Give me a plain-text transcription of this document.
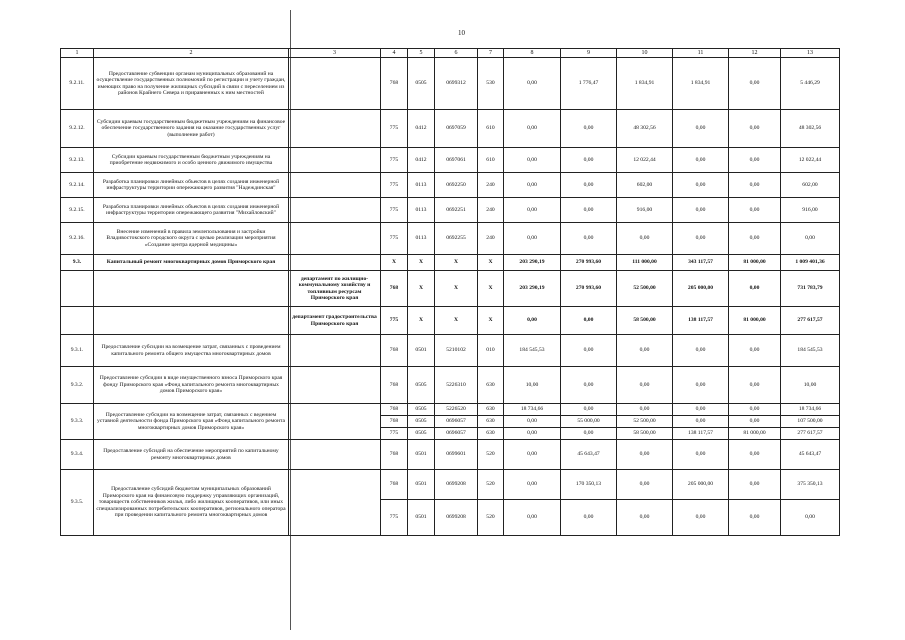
10
1	2	3	4	5	6	7	8	9	10	11	12	13
9.2.11.	Предоставление субвенции органам муниципальных образований на осуществление государственных полномочий по регистрации и учету граждан, имеющих право на получение жилищных субсидий в связи с переселением из районов Крайнего Севера и приравненных к ним местностей		768	0505	0699312	530	0,00	1 776,47	1 834,91	1 834,91	0,00	5 446,29
9.2.12.	Субсидии краевым государственным бюджетным учреждениям на финансовое обеспечение государственного задания на оказание государственных услуг (выполнение работ)		775	0412	0697059	610	0,00	0,00	48 302,56	0,00	0,00	48 302,56
9.2.13.	Субсидии краевым государственным бюджетным учреждениям на приобретение недвижимого и особо ценного движимого имущества		775	0412	0697061	610	0,00	0,00	12 022,44	0,00	0,00	12 022,44
9.2.14.	Разработка планировки линейных объектов в целях создания инженерной инфраструктуры территории опережающего развития "Надеждинская"		775	0113	0692250	240	0,00	0,00	602,00	0,00	0,00	602,00
9.2.15.	Разработка планировки линейных объектов в целях создания инженерной инфраструктуры территории опережающего развития "Михайловский"		775	0113	0692251	240	0,00	0,00	916,00	0,00	0,00	916,00
9.2.16.	Внесение изменений в правила землепользования и застройки Владивостокского городского округа с целью реализации мероприятия «Создание центра ядерной медицины»		775	0113	0692255	240	0,00	0,00	0,00	0,00	0,00	0,00
9.3.	Капитальный ремонт многоквартирных домов Приморского края		X	X	X	X	203 290,19	270 993,60	111 000,00	343 117,57	81 000,00	1 009 401,36
		департамент по жилищно-коммунальному хозяйству и топливным ресурсам Приморского края	768	X	X	X	203 290,19	270 993,60	52 500,00	205 000,00	0,00	731 783,79
		департамент градостроительства Приморского края	775	X	X	X	0,00	0,00	58 500,00	138 117,57	81 000,00	277 617,57
9.3.1.	Предоставление субсидии на возмещение затрат, связанных с проведением капитального ремонта общего имущества многоквартирных домов		768	0501	5210102	010	184 545,53	0,00	0,00	0,00	0,00	184 545,53
9.3.2.	Предоставление субсидии в виде имущественного взноса Приморского края фонду Приморского края «Фонд капитального ремонта многоквартирных домов Приморского края»		768	0505	5226310	630	10,00	0,00	0,00	0,00	0,00	10,00
9.3.3.	Предоставление субсидии на возмещение затрат, связанных с ведением уставной деятельности фонда Приморского края «Фонд капитального ремонта многоквартирных домов Приморского края»		768	0505	5226520	630	18 734,66	0,00	0,00	0,00	0,00	18 734,66
			768	0505	0696057	630	0,00	55 000,00	52 500,00	0,00	0,00	107 500,00
			775	0505	0696057	630	0,00	0,00	58 500,00	138 117,57	81 000,00	277 617,57
9.3.4.	Предоставление субсидий на обеспечение мероприятий по капитальному ремонту многоквартирных домов		768	0501	0699601	520	0,00	45 643,47	0,00	0,00	0,00	45 643,47
9.3.5.	Предоставление субсидий бюджетам муниципальных образований Приморского края на финансовую поддержку управляющих организаций, товариществ собственников жилья, либо жилищных кооперативов, или иных специализированных потребительских кооперативов, регионального оператора при проведении капитального ремонта многоквартирных домов		768	0501	0699208	520	0,00	170 350,13	0,00	205 000,00	0,00	375 350,13
			775	0501	0699208	520	0,00	0,00	0,00	0,00	0,00	0,00
